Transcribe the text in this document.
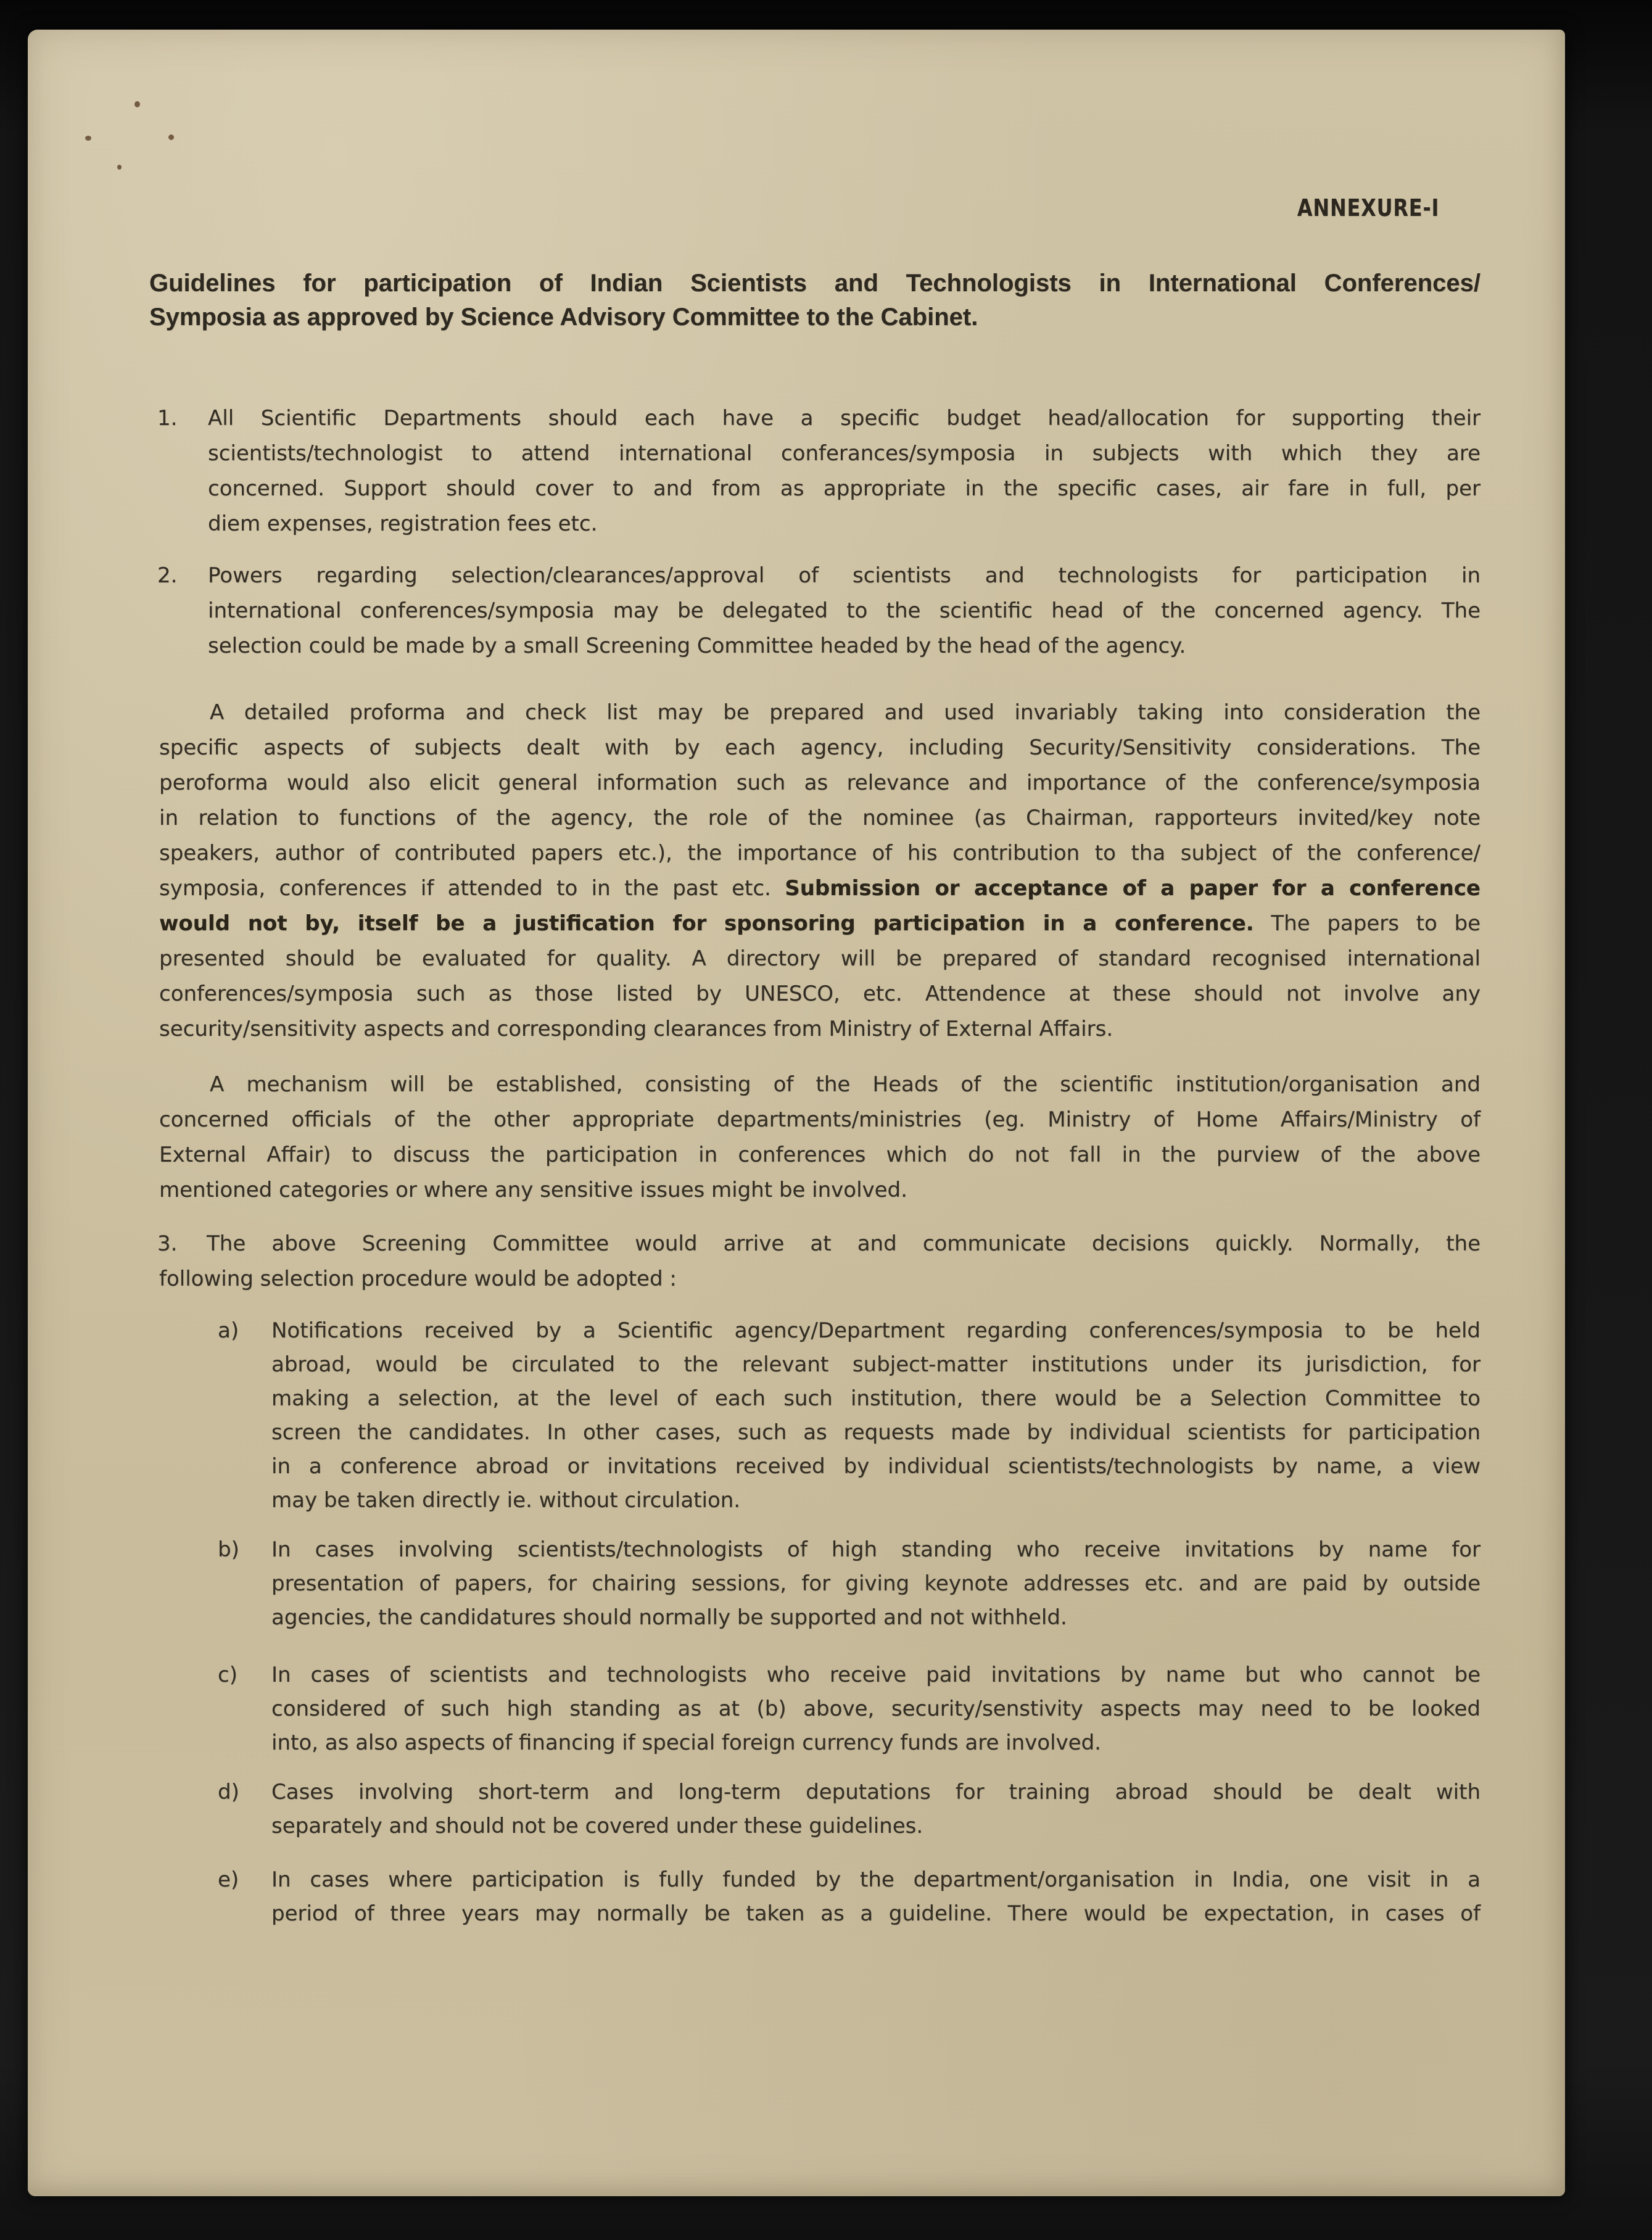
ANNEXURE-I
Guidelines for participation of Indian Scientists and Technologists in International Conferences/
Symposia as approved by Science Advisory Committee to the Cabinet.
1. All Scientific Departments should each have a specific budget head/allocation for supporting their
scientists/technologist to attend international conferances/symposia in subjects with which they are
concerned. Support should cover to and from as appropriate in the specific cases, air fare in full, per
diem expenses, registration fees etc.
2. Powers regarding selection/clearances/approval of scientists and technologists for participation in
international conferences/symposia may be delegated to the scientific head of the concerned agency. The
selection could be made by a small Screening Committee headed by the head of the agency.
A detailed proforma and check list may be prepared and used invariably taking into consideration the
specific aspects of subjects dealt with by each agency, including Security/Sensitivity considerations. The
peroforma would also elicit general information such as relevance and importance of the conference/symposia
in relation to functions of the agency, the role of the nominee (as Chairman, rapporteurs invited/key note
speakers, author of contributed papers etc.), the importance of his contribution to tha subject of the conference/
symposia, conferences if attended to in the past etc. Submission or acceptance of a paper for a conference
would not by, itself be a justification for sponsoring participation in a conference. The papers to be
presented should be evaluated for quality. A directory will be prepared of standard recognised international
conferences/symposia such as those listed by UNESCO, etc. Attendence at these should not involve any
security/sensitivity aspects and corresponding clearances from Ministry of External Affairs.
A mechanism will be established, consisting of the Heads of the scientific institution/organisation and
concerned officials of the other appropriate departments/ministries (eg. Ministry of Home Affairs/Ministry of
External Affair) to discuss the participation in conferences which do not fall in the purview of the above
mentioned categories or where any sensitive issues might be involved.
3.	The above Screening Committee would arrive at and communicate decisions quickly. Normally, the
following selection procedure would be adopted :
a) Notifications received by a Scientific agency/Department regarding conferences/symposia to be held
abroad, would be circulated to the relevant subject-matter institutions under its jurisdiction, for
making a selection, at the level of each such institution, there would be a Selection Committee to
screen the candidates. In other cases, such as requests made by individual scientists for participation
in a conference abroad or invitations received by individual scientists/technologists by name, a view
may be taken directly ie. without circulation.
b) In cases involving scientists/technologists of high standing who receive invitations by name for
presentation of papers, for chairing sessions, for giving keynote addresses etc. and are paid by outside
agencies, the candidatures should normally be supported and not withheld.
c) In cases of scientists and technologists who receive paid invitations by name but who cannot be
considered of such high standing as at (b) above, security/senstivity aspects may need to be looked
into, as also aspects of financing if special foreign currency funds are involved.
d) Cases involving short-term and long-term deputations for training abroad should be dealt with
separately and should not be covered under these guidelines.
e) In cases where participation is fully funded by the department/organisation in India, one visit in a
period of three years may normally be taken as a guideline. There would be expectation, in cases of
